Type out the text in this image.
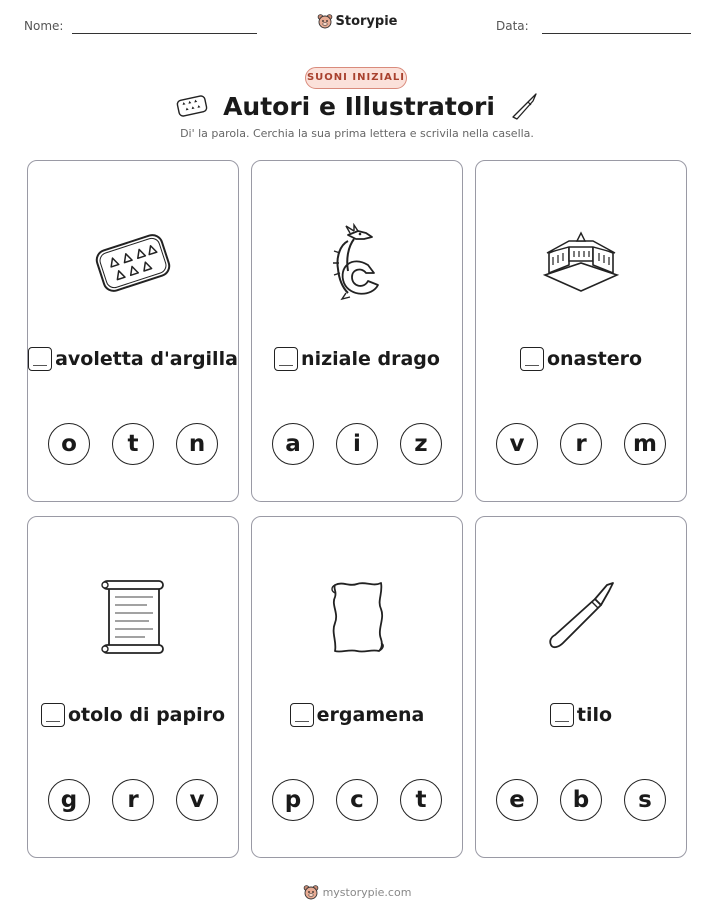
Nome:	Storypie	Data:
SUONI INIZIALI
Autori e Illustratori
Di' la parola. Cerchia la sua prima lettera e scrivila nella casella.
avoletta d'argilla
o	t	n
niziale drago
a	i	z
onastero
v	r	m
otolo di papiro
g	r	v
ergamena
p	c	t
tilo
e	b	s
mystorypie.com
